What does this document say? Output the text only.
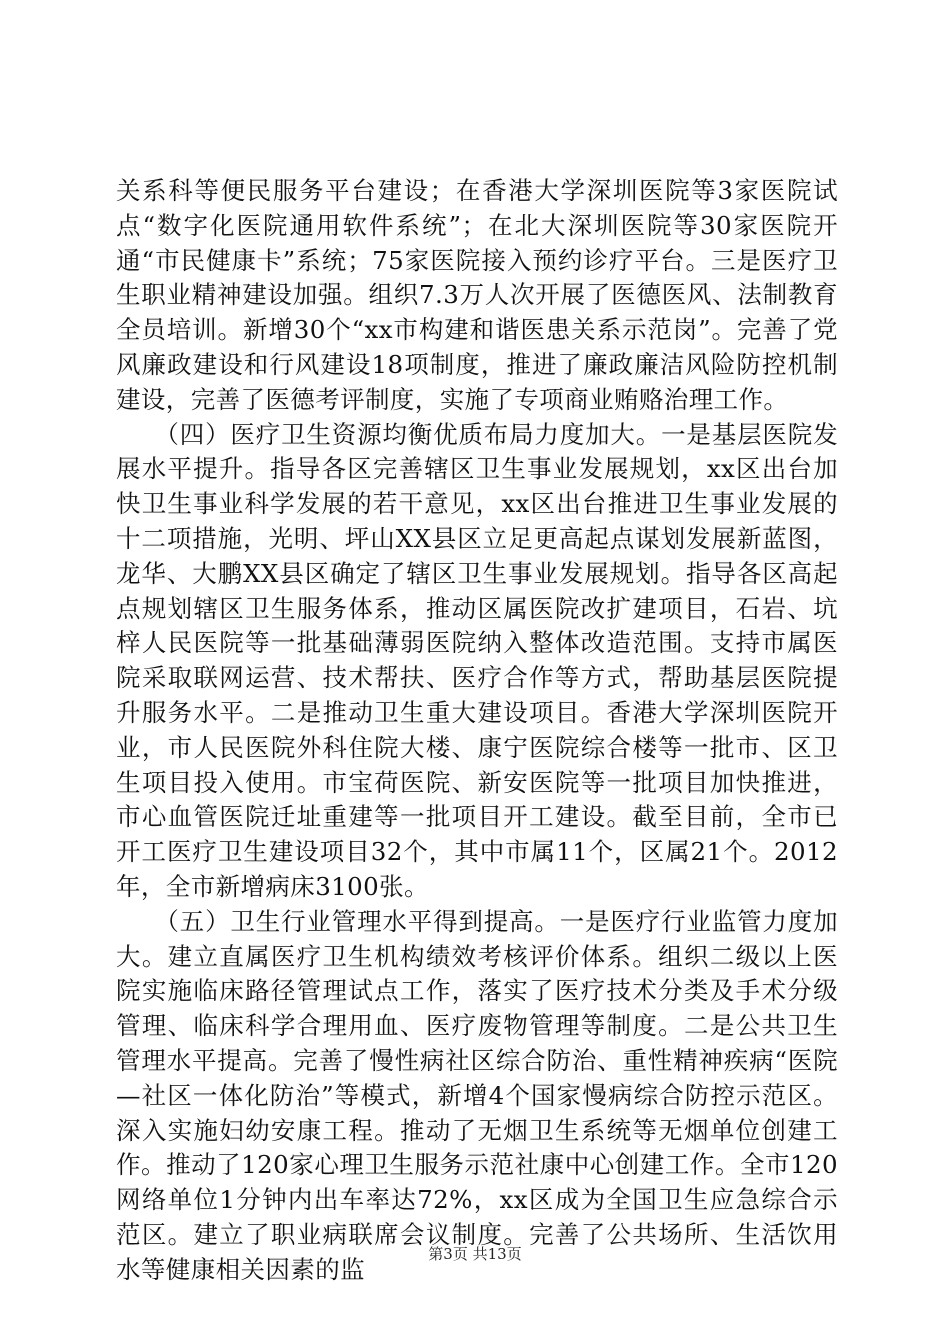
关系科等便民服务平台建设；在香港大学深圳医院等3家医院试点“数字化医院通用软件系统”；在北大深圳医院等30家医院开通“市民健康卡”系统；75家医院接入预约诊疗平台。三是医疗卫生职业精神建设加强。组织7.3万人次开展了医德医风、法制教育全员培训。新增30个“xx市构建和谐医患关系示范岗”。完善了党风廉政建设和行风建设18项制度，推进了廉政廉洁风险防控机制建设，完善了医德考评制度，实施了专项商业贿赂治理工作。

　　（四）医疗卫生资源均衡优质布局力度加大。一是基层医院发展水平提升。指导各区完善辖区卫生事业发展规划，xx区出台加快卫生事业科学发展的若干意见，xx区出台推进卫生事业发展的十二项措施，光明、坪山XX县区立足更高起点谋划发展新蓝图，龙华、大鹏XX县区确定了辖区卫生事业发展规划。指导各区高起点规划辖区卫生服务体系，推动区属医院改扩建项目，石岩、坑梓人民医院等一批基础薄弱医院纳入整体改造范围。支持市属医院采取联网运营、技术帮扶、医疗合作等方式，帮助基层医院提升服务水平。二是推动卫生重大建设项目。香港大学深圳医院开业，市人民医院外科住院大楼、康宁医院综合楼等一批市、区卫生项目投入使用。市宝荷医院、新安医院等一批项目加快推进，市心血管医院迁址重建等一批项目开工建设。截至目前，全市已开工医疗卫生建设项目32个，其中市属11个，区属21个。2012年，全市新增病床3100张。

　　（五）卫生行业管理水平得到提高。一是医疗行业监管力度加大。建立直属医疗卫生机构绩效考核评价体系。组织二级以上医院实施临床路径管理试点工作，落实了医疗技术分类及手术分级管理、临床科学合理用血、医疗废物管理等制度。二是公共卫生管理水平提高。完善了慢性病社区综合防治、重性精神疾病“医院—社区一体化防治”等模式，新增4个国家慢病综合防控示范区。深入实施妇幼安康工程。推动了无烟卫生系统等无烟单位创建工作。推动了120家心理卫生服务示范社康中心创建工作。全市120网络单位1分钟内出车率达72%，xx区成为全国卫生应急综合示范区。建立了职业病联席会议制度。完善了公共场所、生活饮用水等健康相关因素的监

第3页 共13页
